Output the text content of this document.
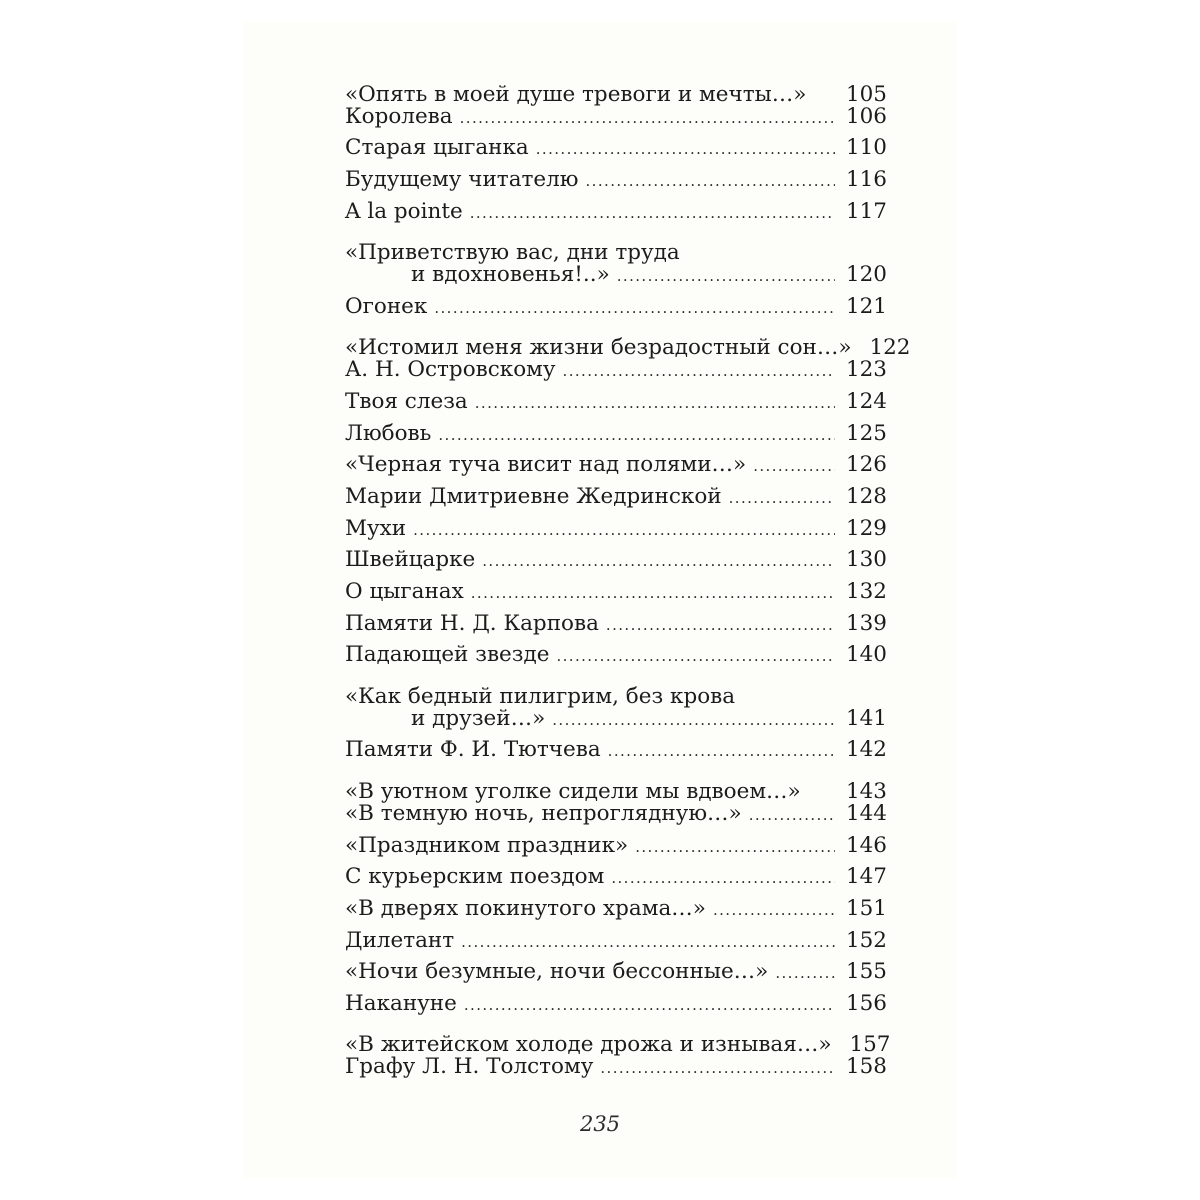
«Опять в моей душе тревоги и мечты…» 105
Королева .....	106
Старая цыганка .....	110
Будущему читателю .....	116
A la pointe .....	117
«Приветствую вас, дни труда
и вдохновенья!..» .....	120
Огонек .....	121
«Истомил меня жизни безрадостный сон…» 122
А. Н. Островскому .....	123
Твоя слеза .....	124
Любовь .....	125
«Черная туча висит над полями…» .....	126
Марии Дмитриевне Жедринской .....	128
Мухи .....	129
Швейцарке .....	130
О цыганах .....	132
Памяти Н. Д. Карпова .....	139
Падающей звезде .....	140
«Как бедный пилигрим, без крова
и друзей…» .....	141
Памяти Ф. И. Тютчева .....	142
«В уютном уголке сидели мы вдвоем…» 143
«В темную ночь, непроглядную…» .....	144
«Праздником праздник» .....	146
С курьерским поездом .....	147
«В дверях покинутого храма…» .....	151
Дилетант .....	152
«Ночи безумные, ночи бессонные…» .....	155
Накануне .....	156
«В житейском холоде дрожа и изнывая…» 157
Графу Л. Н. Толстому .....	158
235
